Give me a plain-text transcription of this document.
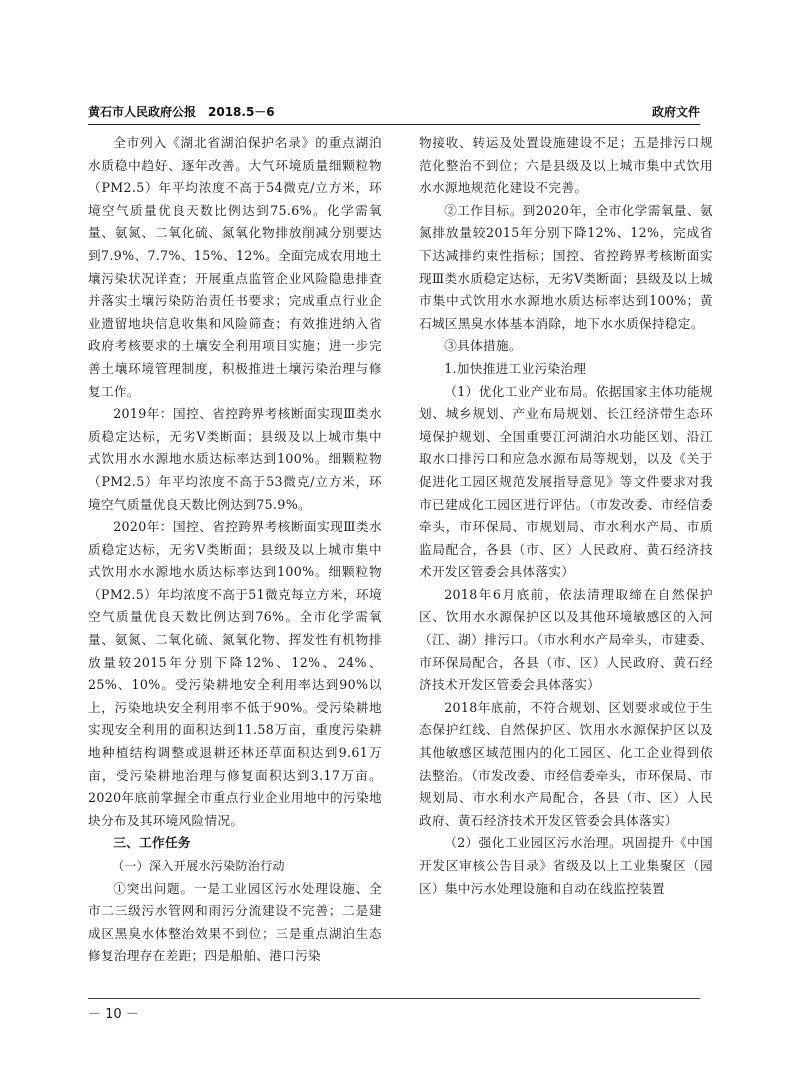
黄石市人民政府公报　2018.5－6	政府文件

全市列入《湖北省湖泊保护名录》的重点湖泊水质稳中趋好、逐年改善。大气环境质量细颗粒物（PM2.5）年平均浓度不高于54微克/立方米，环境空气质量优良天数比例达到75.6%。化学需氧量、氨氮、二氧化硫、氮氧化物排放削减分别要达到7.9%、7.7%、15%、12%。全面完成农用地土壤污染状况详查；开展重点监管企业风险隐患排查并落实土壤污染防治责任书要求；完成重点行业企业遗留地块信息收集和风险筛查；有效推进纳入省政府考核要求的土壤安全利用项目实施；进一步完善土壤环境管理制度，积极推进土壤污染治理与修复工作。

2019年：国控、省控跨界考核断面实现Ⅲ类水质稳定达标，无劣Ⅴ类断面；县级及以上城市集中式饮用水水源地水质达标率达到100%。细颗粒物（PM2.5）年平均浓度不高于53微克/立方米，环境空气质量优良天数比例达到75.9%。

2020年：国控、省控跨界考核断面实现Ⅲ类水质稳定达标，无劣Ⅴ类断面；县级及以上城市集中式饮用水水源地水质达标率达到100%。细颗粒物（PM2.5）年均浓度不高于51微克每立方米，环境空气质量优良天数比例达到76%。全市化学需氧量、氨氮、二氧化硫、氮氧化物、挥发性有机物排放量较2015年分别下降12%、12%、24%、25%、10%。受污染耕地安全利用率达到90%以上，污染地块安全利用率不低于90%。受污染耕地实现安全利用的面积达到11.58万亩，重度污染耕地种植结构调整或退耕还林还草面积达到9.61万亩，受污染耕地治理与修复面积达到3.17万亩。2020年底前掌握全市重点行业企业用地中的污染地块分布及其环境风险情况。

三、工作任务

（一）深入开展水污染防治行动

①突出问题。一是工业园区污水处理设施、全市二三级污水管网和雨污分流建设不完善；二是建成区黑臭水体整治效果不到位；三是重点湖泊生态修复治理存在差距；四是船舶、港口污染

物接收、转运及处置设施建设不足；五是排污口规范化整治不到位；六是县级及以上城市集中式饮用水水源地规范化建设不完善。

②工作目标。到2020年，全市化学需氧量、氨氮排放量较2015年分别下降12%、12%，完成省下达减排约束性指标；国控、省控跨界考核断面实现Ⅲ类水质稳定达标，无劣Ⅴ类断面；县级及以上城市集中式饮用水水源地水质达标率达到100%；黄石城区黑臭水体基本消除，地下水水质保持稳定。

③具体措施。

1.加快推进工业污染治理

（1）优化工业产业布局。依据国家主体功能规划、城乡规划、产业布局规划、长江经济带生态环境保护规划、全国重要江河湖泊水功能区划、沿江取水口排污口和应急水源布局等规划，以及《关于促进化工园区规范发展指导意见》等文件要求对我市已建成化工园区进行评估。（市发改委、市经信委牵头，市环保局、市规划局、市水利水产局、市质监局配合，各县（市、区）人民政府、黄石经济技术开发区管委会具体落实）

2018年6月底前，依法清理取缔在自然保护区、饮用水水源保护区以及其他环境敏感区的入河（江、湖）排污口。（市水利水产局牵头，市建委、市环保局配合，各县（市、区）人民政府、黄石经济技术开发区管委会具体落实）

2018年底前，不符合规划、区划要求或位于生态保护红线、自然保护区、饮用水水源保护区以及其他敏感区域范围内的化工园区、化工企业得到依法整治。（市发改委、市经信委牵头，市环保局、市规划局、市水利水产局配合，各县（市、区）人民政府、黄石经济技术开发区管委会具体落实）

（2）强化工业园区污水治理。巩固提升《中国开发区审核公告目录》省级及以上工业集聚区（园区）集中污水处理设施和自动在线监控装置

－ 10 －
